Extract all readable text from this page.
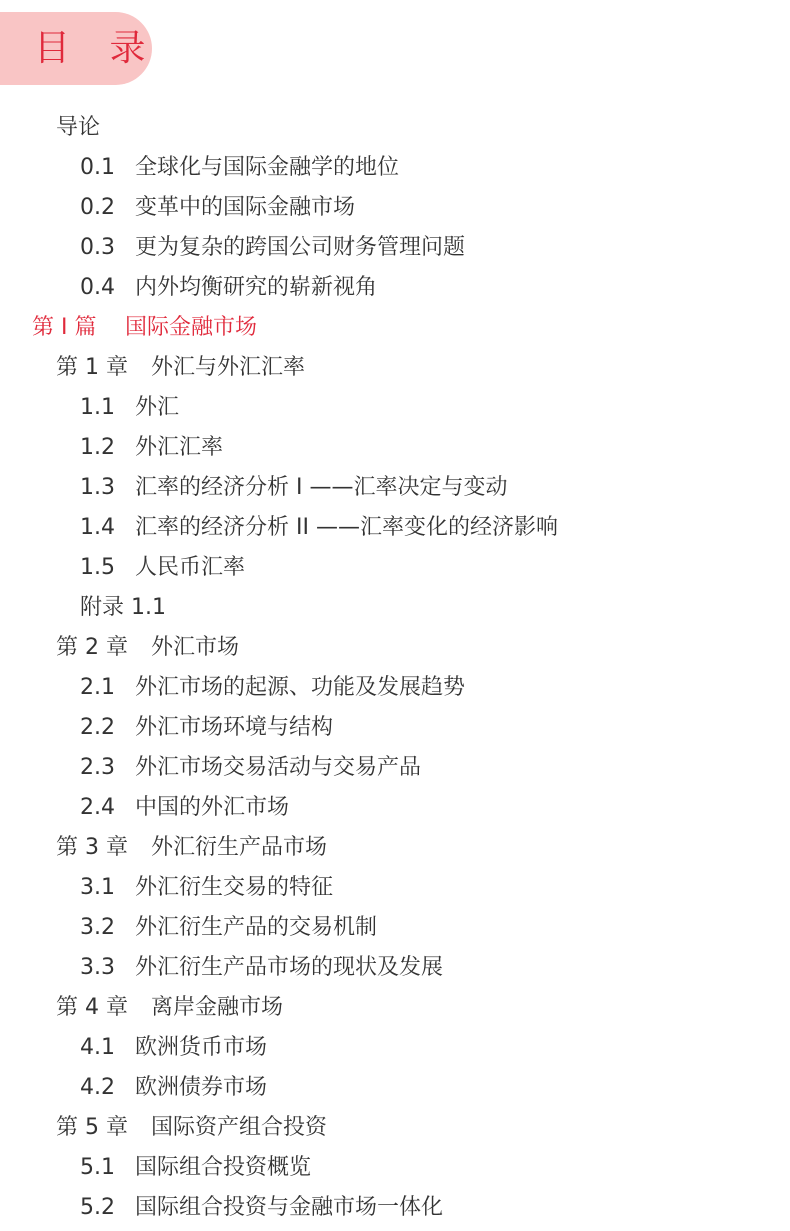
目 录
导论
0.1 全球化与国际金融学的地位
0.2 变革中的国际金融市场
0.3 更为复杂的跨国公司财务管理问题
0.4 内外均衡研究的崭新视角
第 I 篇	国际金融市场
第 1 章	外汇与外汇汇率
1.1 外汇
1.2 外汇汇率
1.3 汇率的经济分析 I ——汇率决定与变动
1.4 汇率的经济分析 II ——汇率变化的经济影响
1.5 人民币汇率
附录 1.1
第 2 章	外汇市场
2.1 外汇市场的起源、功能及发展趋势
2.2 外汇市场环境与结构
2.3 外汇市场交易活动与交易产品
2.4 中国的外汇市场
第 3 章	外汇衍生产品市场
3.1 外汇衍生交易的特征
3.2 外汇衍生产品的交易机制
3.3 外汇衍生产品市场的现状及发展
第 4 章	离岸金融市场
4.1 欧洲货币市场
4.2 欧洲债券市场
第 5 章	国际资产组合投资
5.1 国际组合投资概览
5.2 国际组合投资与金融市场一体化
